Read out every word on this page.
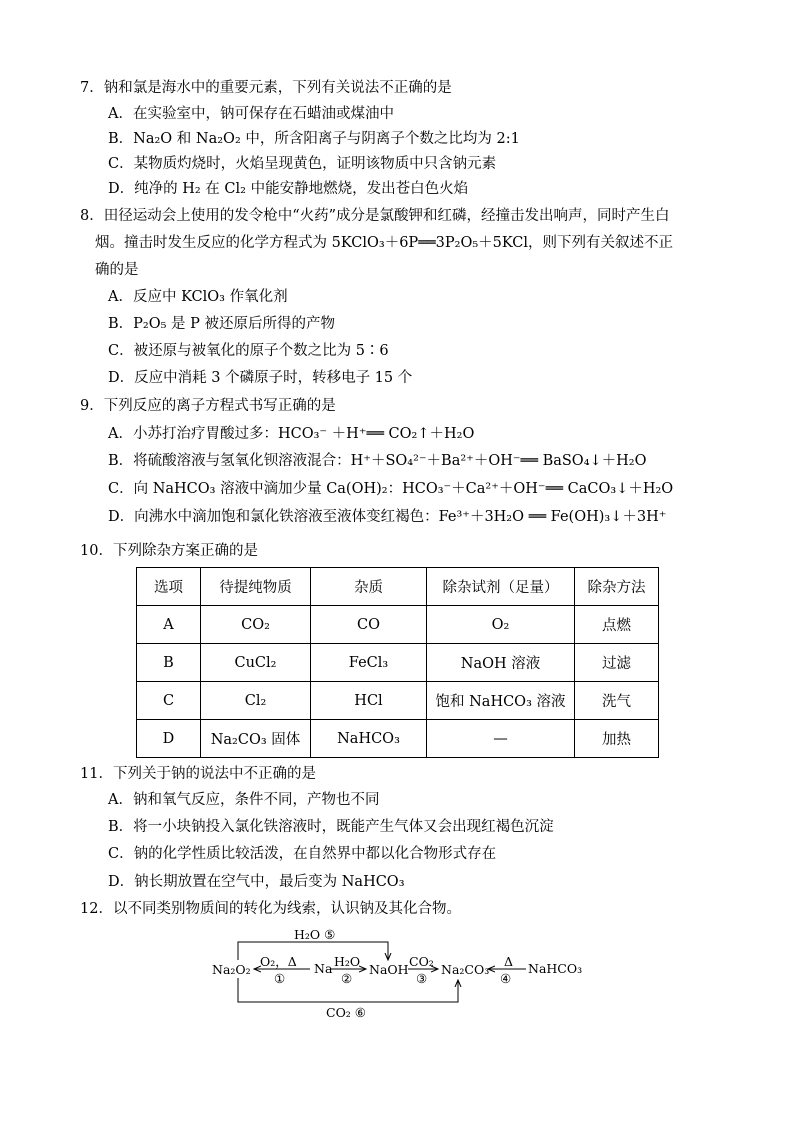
7．钠和氯是海水中的重要元素，下列有关说法不正确的是
A．在实验室中，钠可保存在石蜡油或煤油中
B．Na₂O 和 Na₂O₂ 中，所含阳离子与阴离子个数之比均为 2:1
C．某物质灼烧时，火焰呈现黄色，证明该物质中只含钠元素
D．纯净的 H₂ 在 Cl₂ 中能安静地燃烧，发出苍白色火焰
8．田径运动会上使用的发令枪中“火药”成分是氯酸钾和红磷，经撞击发出响声，同时产生白
烟。撞击时发生反应的化学方程式为 5KClO₃＋6P══3P₂O₅＋5KCl，则下列有关叙述不正
确的是
A．反应中 KClO₃ 作氧化剂
B．P₂O₅ 是 P 被还原后所得的产物
C．被还原与被氧化的原子个数之比为 5∶6
D．反应中消耗 3 个磷原子时，转移电子 15 个
9．下列反应的离子方程式书写正确的是
A．小苏打治疗胃酸过多：HCO₃⁻ ＋H⁺══ CO₂↑＋H₂O
B．将硫酸溶液与氢氧化钡溶液混合：H⁺＋SO₄²⁻＋Ba²⁺＋OH⁻══ BaSO₄↓＋H₂O
C．向 NaHCO₃ 溶液中滴加少量 Ca(OH)₂：HCO₃⁻＋Ca²⁺＋OH⁻══ CaCO₃↓＋H₂O
D．向沸水中滴加饱和氯化铁溶液至液体变红褐色：Fe³⁺＋3H₂O ══ Fe(OH)₃↓＋3H⁺
10．下列除杂方案正确的是
选项	待提纯物质	杂质	除杂试剂（足量）	除杂方法
A	CO₂	CO	O₂	点燃
B	CuCl₂	FeCl₃	NaOH 溶液	过滤
C	Cl₂	HCl	饱和 NaHCO₃ 溶液	洗气
D	Na₂CO₃ 固体	NaHCO₃	—	加热
11．下列关于钠的说法中不正确的是
A．钠和氧气反应，条件不同，产物也不同
B．将一小块钠投入氯化铁溶液时，既能产生气体又会出现红褐色沉淀
C．钠的化学性质比较活泼，在自然界中都以化合物形式存在
D．钠长期放置在空气中，最后变为 NaHCO₃
12．以不同类别物质间的转化为线索，认识钠及其化合物。
H₂O ⑤
Na₂O₂	Na	NaOH	Na₂CO₃	NaHCO₃
O₂，Δ
①
H₂O
②
CO₂
③
Δ
④
CO₂ ⑥
